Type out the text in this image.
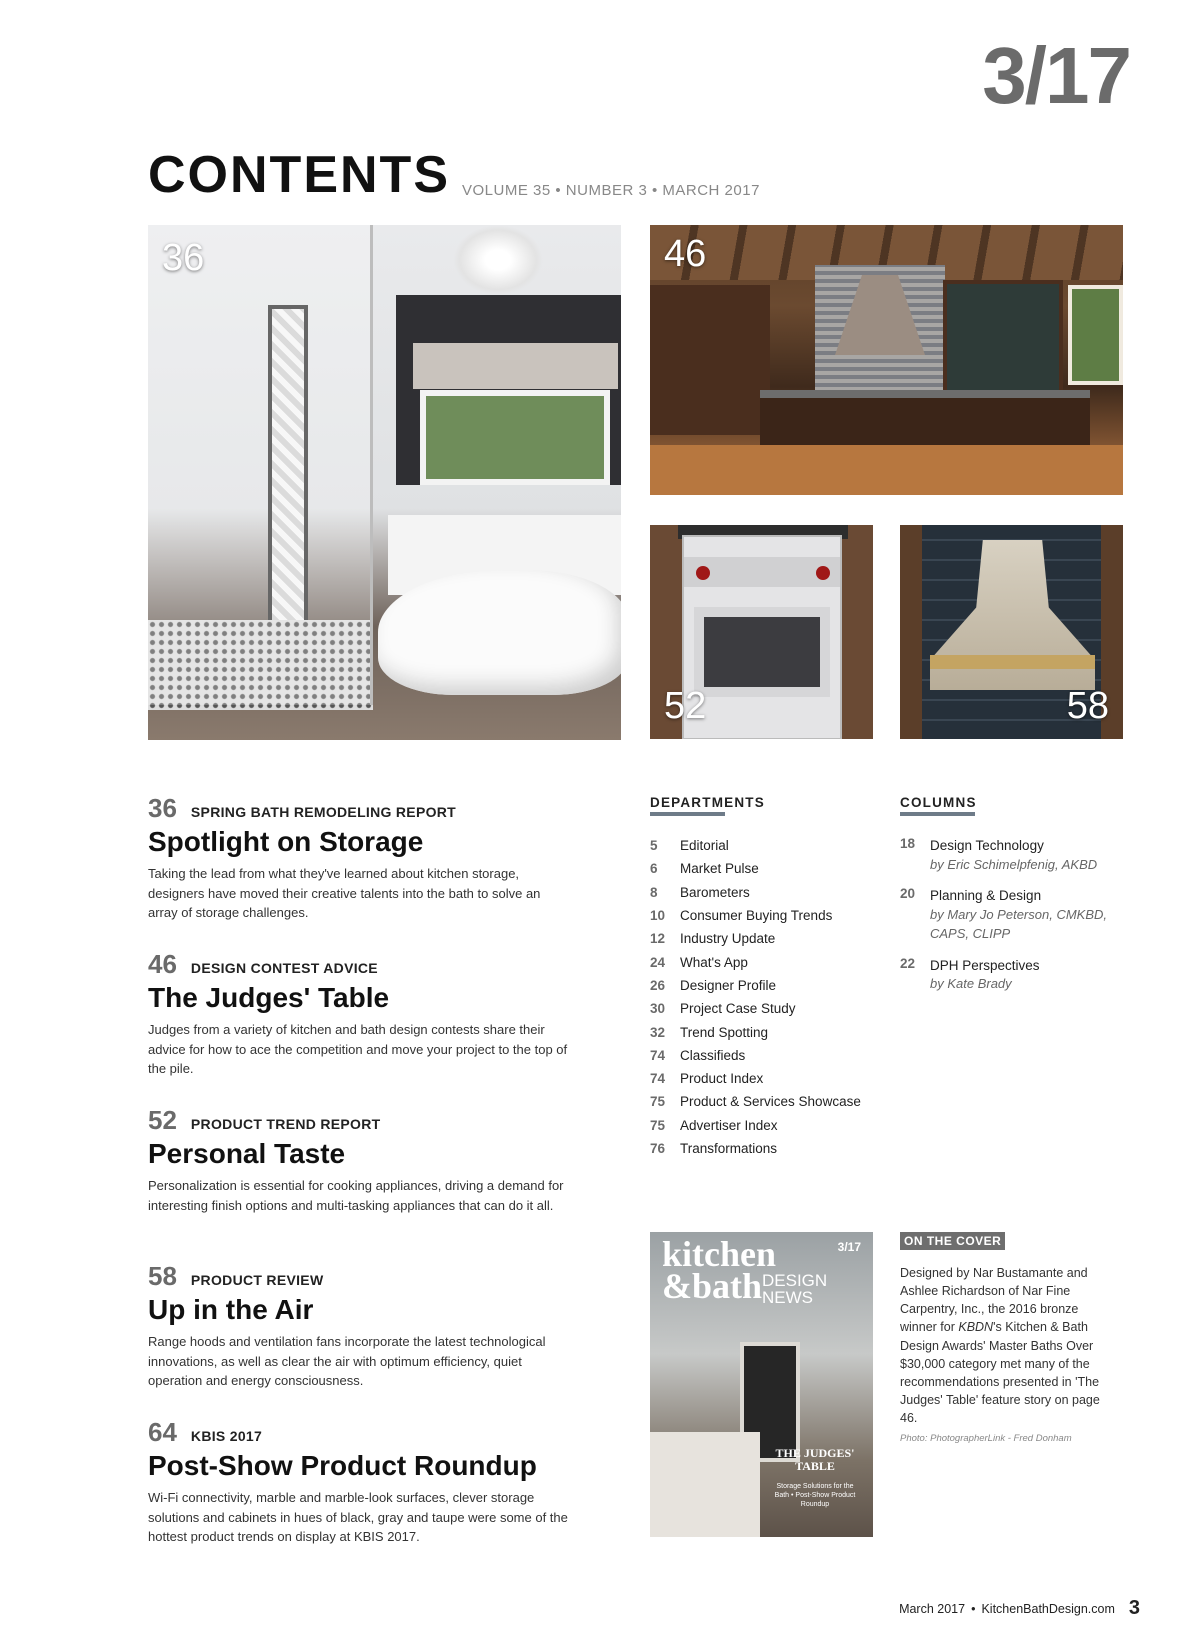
3/17
CONTENTS VOLUME 35 • NUMBER 3 • MARCH 2017
36	46
52	58
36 SPRING BATH REMODELING REPORT
Spotlight on Storage
Taking the lead from what they've learned about kitchen storage, designers have moved their creative talents into the bath to solve an array of storage challenges.
46 DESIGN CONTEST ADVICE
The Judges' Table
Judges from a variety of kitchen and bath design contests share their advice for how to ace the competition and move your project to the top of the pile.
52 PRODUCT TREND REPORT
Personal Taste
Personalization is essential for cooking appliances, driving a demand for interesting finish options and multi-tasking appliances that can do it all.
58 PRODUCT REVIEW
Up in the Air
Range hoods and ventilation fans incorporate the latest technological innovations, as well as clear the air with optimum efficiency, quiet operation and energy consciousness.
64 KBIS 2017
Post-Show Product Roundup
Wi-Fi connectivity, marble and marble-look surfaces, clever storage solutions and cabinets in hues of black, gray and taupe were some of the hottest product trends on display at KBIS 2017.
DEPARTMENTS
5	Editorial
6	Market Pulse
8	Barometers
10	Consumer Buying Trends
12	Industry Update
24	What's App
26	Designer Profile
30	Project Case Study
32	Trend Spotting
74	Classifieds
74	Product Index
75	Product & Services Showcase
75	Advertiser Index
76	Transformations
COLUMNS
18	Design Technology
by Eric Schimelpfenig, AKBD
20	Planning & Design
by Mary Jo Peterson, CMKBD, CAPS, CLIPP
22	DPH Perspectives
by Kate Brady
kitchen
&bath DESIGN NEWS
3/17
THE JUDGES' TABLE
Storage Solutions for the Bath • Post-Show Product Roundup
ON THE COVER
Designed by Nar Bustamante and Ashlee Richardson of Nar Fine Carpentry, Inc., the 2016 bronze winner for KBDN's Kitchen & Bath Design Awards' Master Baths Over $30,000 category met many of the recommendations presented in 'The Judges' Table' feature story on page 46.
Photo: PhotographerLink - Fred Donham
March 2017 • KitchenBathDesign.com 3
